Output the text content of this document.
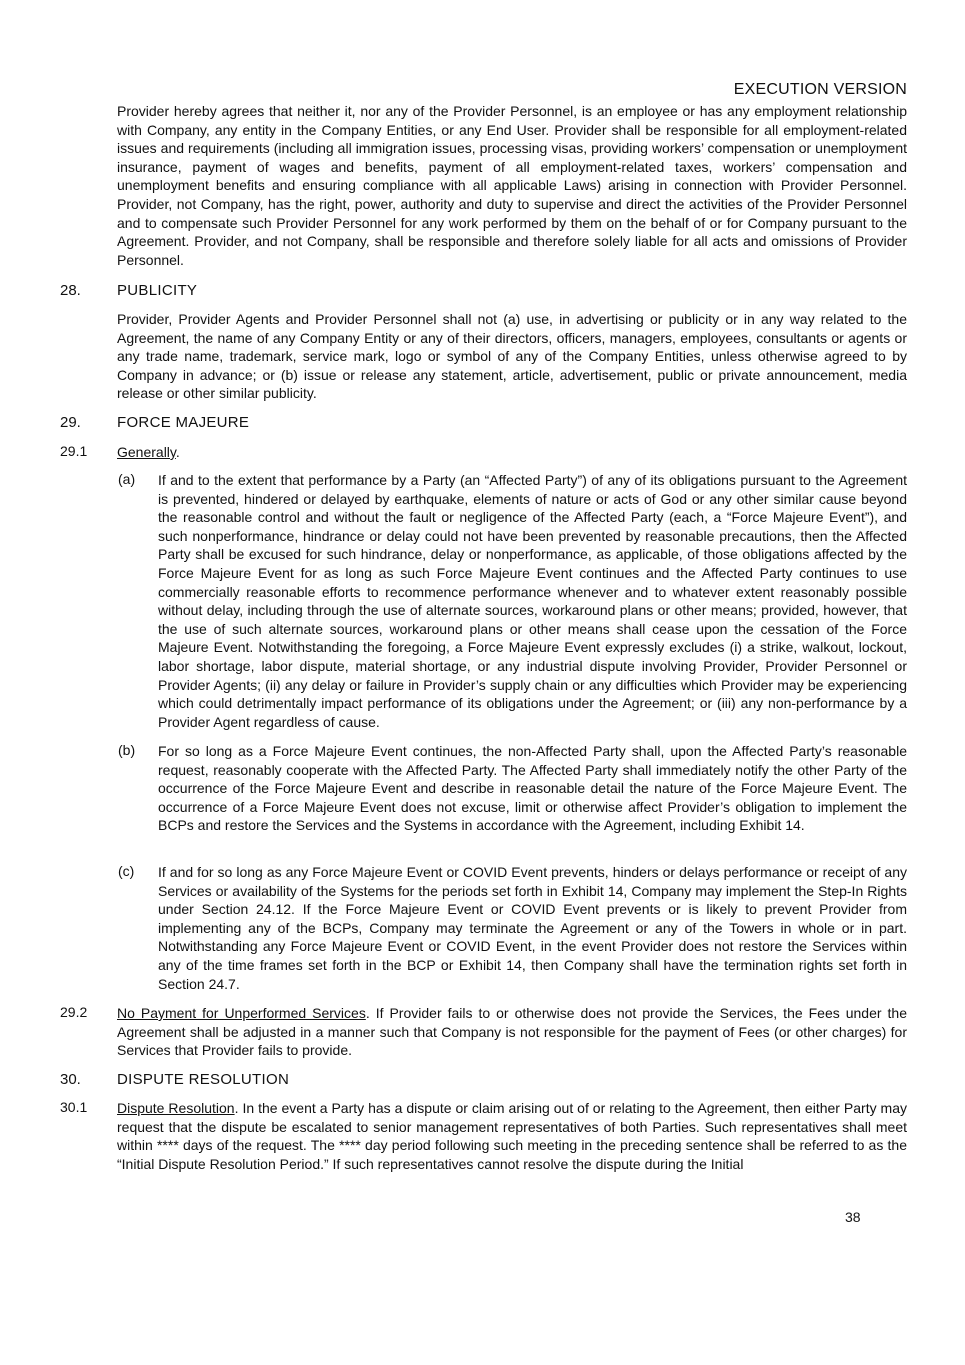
EXECUTION VERSION

Provider hereby agrees that neither it, nor any of the Provider Personnel, is an employee or has any employment relationship with Company, any entity in the Company Entities, or any End User. Provider shall be responsible for all employment-related issues and requirements (including all immigration issues, processing visas, providing workers’ compensation or unemployment insurance, payment of wages and benefits, payment of all employment-related taxes, workers’ compensation and unemployment benefits and ensuring compliance with all applicable Laws) arising in connection with Provider Personnel. Provider, not Company, has the right, power, authority and duty to supervise and direct the activities of the Provider Personnel and to compensate such Provider Personnel for any work performed by them on the behalf of or for Company pursuant to the Agreement. Provider, and not Company, shall be responsible and therefore solely liable for all acts and omissions of Provider Personnel.

28. PUBLICITY

Provider, Provider Agents and Provider Personnel shall not (a) use, in advertising or publicity or in any way related to the Agreement, the name of any Company Entity or any of their directors, officers, managers, employees, consultants or agents or any trade name, trademark, service mark, logo or symbol of any of the Company Entities, unless otherwise agreed to by Company in advance; or (b) issue or release any statement, article, advertisement, public or private announcement, media release or other similar publicity.

29. FORCE MAJEURE
29.1 Generally.
(a) If and to the extent that performance by a Party (an “Affected Party”) of any of its obligations pursuant to the Agreement is prevented, hindered or delayed by earthquake, elements of nature or acts of God or any other similar cause beyond the reasonable control and without the fault or negligence of the Affected Party (each, a “Force Majeure Event”), and such nonperformance, hindrance or delay could not have been prevented by reasonable precautions, then the Affected Party shall be excused for such hindrance, delay or nonperformance, as applicable, of those obligations affected by the Force Majeure Event for as long as such Force Majeure Event continues and the Affected Party continues to use commercially reasonable efforts to recommence performance whenever and to whatever extent reasonably possible without delay, including through the use of alternate sources, workaround plans or other means; provided, however, that the use of such alternate sources, workaround plans or other means shall cease upon the cessation of the Force Majeure Event. Notwithstanding the foregoing, a Force Majeure Event expressly excludes (i) a strike, walkout, lockout, labor shortage, labor dispute, material shortage, or any industrial dispute involving Provider, Provider Personnel or Provider Agents; (ii) any delay or failure in Provider’s supply chain or any difficulties which Provider may be experiencing which could detrimentally impact performance of its obligations under the Agreement; or (iii) any non-performance by a Provider Agent regardless of cause.

(b) For so long as a Force Majeure Event continues, the non-Affected Party shall, upon the Affected Party’s reasonable request, reasonably cooperate with the Affected Party. The Affected Party shall immediately notify the other Party of the occurrence of the Force Majeure Event and describe in reasonable detail the nature of the Force Majeure Event. The occurrence of a Force Majeure Event does not excuse, limit or otherwise affect Provider’s obligation to implement the BCPs and restore the Services and the Systems in accordance with the Agreement, including Exhibit 14.

(c) If and for so long as any Force Majeure Event or COVID Event prevents, hinders or delays performance or receipt of any Services or availability of the Systems for the periods set forth in Exhibit 14, Company may implement the Step-In Rights under Section 24.12. If the Force Majeure Event or COVID Event prevents or is likely to prevent Provider from implementing any of the BCPs, Company may terminate the Agreement or any of the Towers in whole or in part. Notwithstanding any Force Majeure Event or COVID Event, in the event Provider does not restore the Services within any of the time frames set forth in the BCP or Exhibit 14, then Company shall have the termination rights set forth in Section 24.7.

29.2 No Payment for Unperformed Services. If Provider fails to or otherwise does not provide the Services, the Fees under the Agreement shall be adjusted in a manner such that Company is not responsible for the payment of Fees (or other charges) for Services that Provider fails to provide.

30. DISPUTE RESOLUTION
30.1 Dispute Resolution. In the event a Party has a dispute or claim arising out of or relating to the Agreement, then either Party may request that the dispute be escalated to senior management representatives of both Parties. Such representatives shall meet within **** days of the request. The **** day period following such meeting in the preceding sentence shall be referred to as the “Initial Dispute Resolution Period.” If such representatives cannot resolve the dispute during the Initial

38
